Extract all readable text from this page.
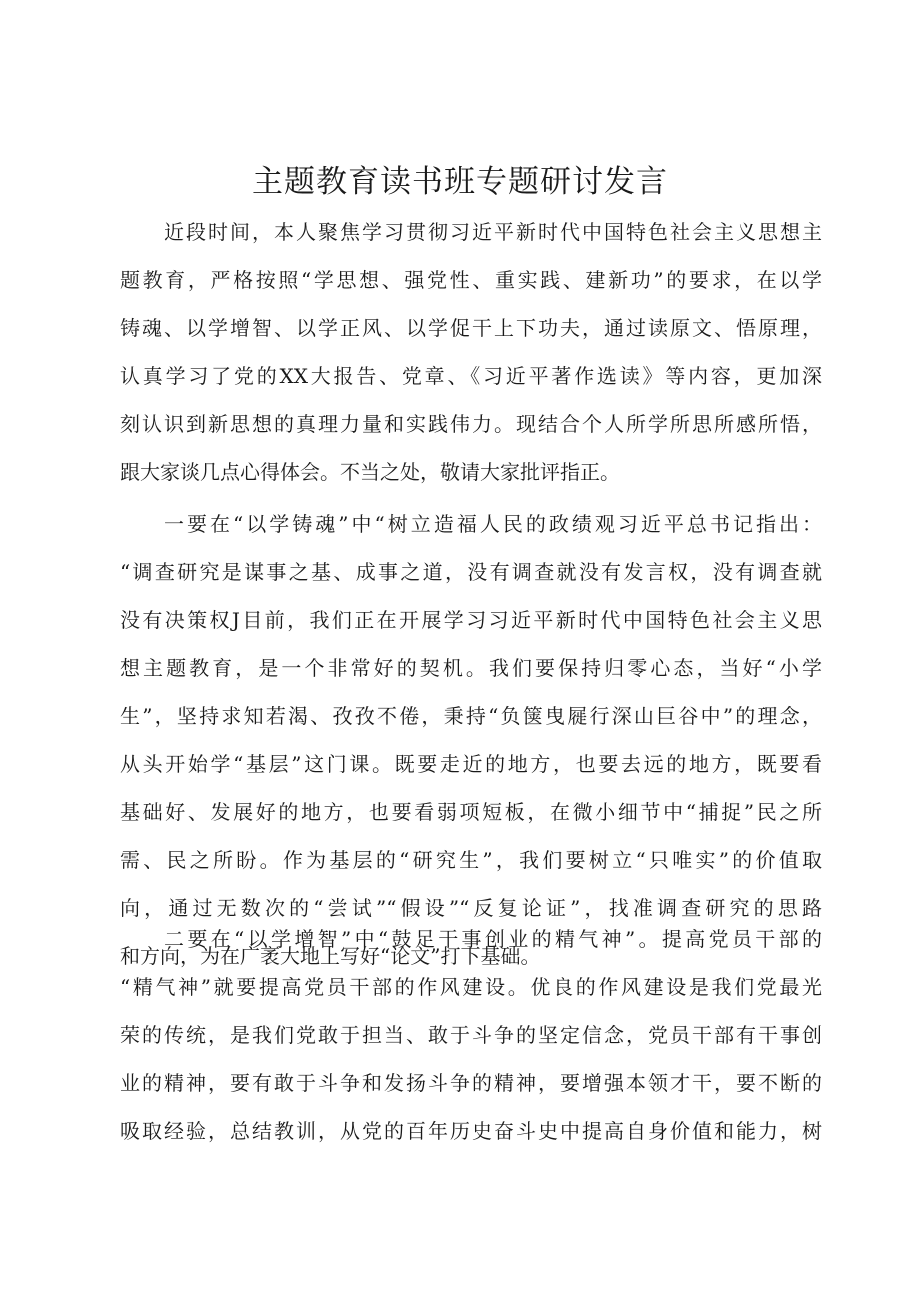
主题教育读书班专题研讨发言
近段时间，本人聚焦学习贯彻习近平新时代中国特色社会主义思想主
题教育，严格按照“学思想、强党性、重实践、建新功”的要求，在以学
铸魂、以学增智、以学正风、以学促干上下功夫，通过读原文、悟原理，
认真学习了党的XX大报告、党章、《习近平著作选读》等内容，更加深
刻认识到新思想的真理力量和实践伟力。现结合个人所学所思所感所悟，
跟大家谈几点心得体会。不当之处，敬请大家批评指正。
一要在“以学铸魂”中“树立造福人民的政绩观习近平总书记指出：
“调查研究是谋事之基、成事之道，没有调查就没有发言权，没有调查就
没有决策权J目前，我们正在开展学习习近平新时代中国特色社会主义思
想主题教育，是一个非常好的契机。我们要保持归零心态，当好“小学
生”，坚持求知若渴、孜孜不倦，秉持“负箧曳屣行深山巨谷中”的理念，
从头开始学“基层”这门课。既要走近的地方，也要去远的地方，既要看
基础好、发展好的地方，也要看弱项短板，在微小细节中“捕捉”民之所
需、民之所盼。作为基层的“研究生”，我们要树立“只唯实”的价值取
向，通过无数次的“尝试”“假设”“反复论证”，找准调查研究的思路
和方向，为在广袤大地上写好“论文”打下基础。
二要在“以学增智”中“鼓足干事创业的精气神”。提高党员干部的
“精气神”就要提高党员干部的作风建设。优良的作风建设是我们党最光
荣的传统，是我们党敢于担当、敢于斗争的坚定信念，党员干部有干事创
业的精神，要有敢于斗争和发扬斗争的精神，要增强本领才干，要不断的
吸取经验，总结教训，从党的百年历史奋斗史中提高自身价值和能力，树
